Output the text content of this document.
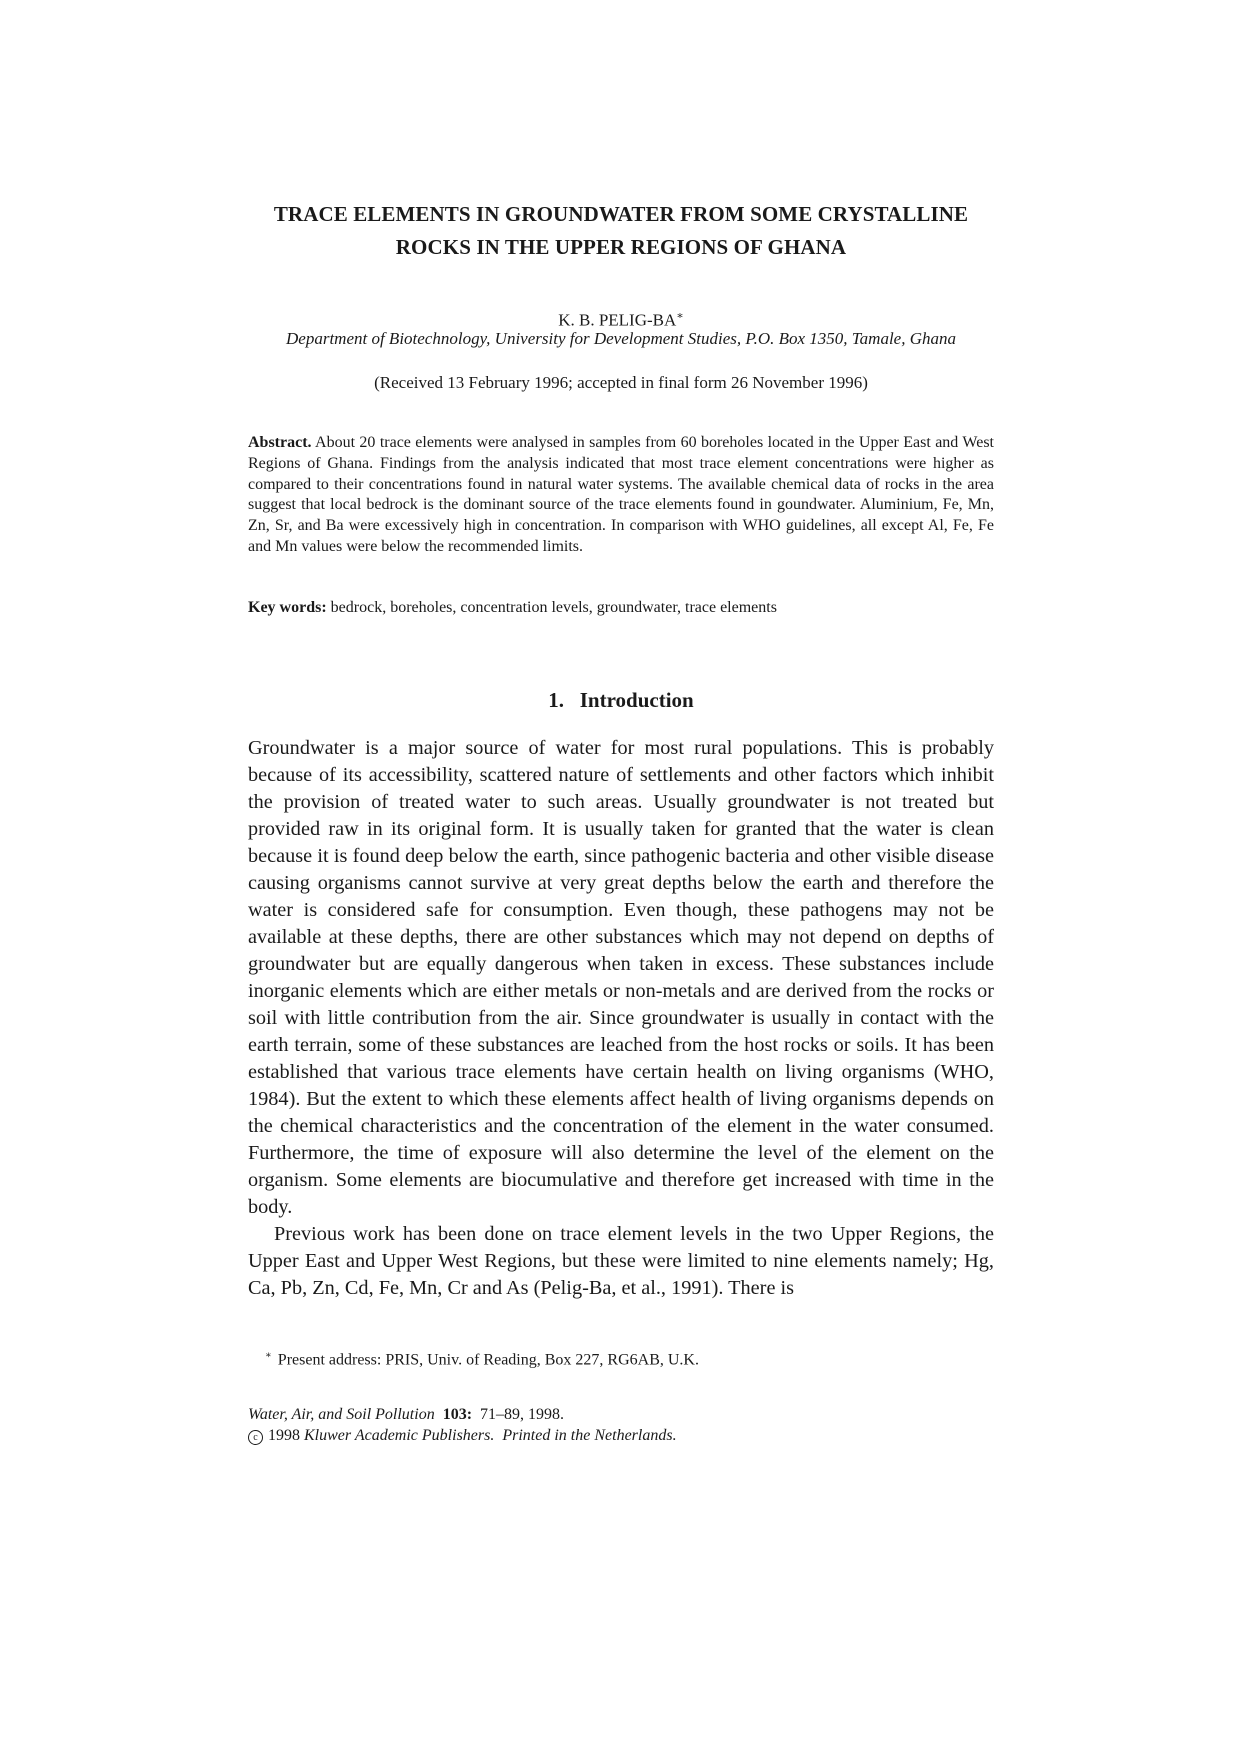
TRACE ELEMENTS IN GROUNDWATER FROM SOME CRYSTALLINE
ROCKS IN THE UPPER REGIONS OF GHANA
K. B. PELIG-BA∗
Department of Biotechnology, University for Development Studies, P.O. Box 1350, Tamale, Ghana
(Received 13 February 1996; accepted in final form 26 November 1996)
Abstract. About 20 trace elements were analysed in samples from 60 boreholes located in the Upper East and West Regions of Ghana. Findings from the analysis indicated that most trace element concentrations were higher as compared to their concentrations found in natural water systems. The available chemical data of rocks in the area suggest that local bedrock is the dominant source of the trace elements found in goundwater. Aluminium, Fe, Mn, Zn, Sr, and Ba were excessively high in concentration. In comparison with WHO guidelines, all except Al, Fe, Fe and Mn values were below the recommended limits.
Key words: bedrock, boreholes, concentration levels, groundwater, trace elements
1. Introduction

Groundwater is a major source of water for most rural populations. This is probably because of its accessibility, scattered nature of settlements and other factors which inhibit the provision of treated water to such areas. Usually groundwater is not treated but provided raw in its original form. It is usually taken for granted that the water is clean because it is found deep below the earth, since pathogenic bacteria and other visible disease causing organisms cannot survive at very great depths below the earth and therefore the water is considered safe for consumption. Even though, these pathogens may not be available at these depths, there are other substances which may not depend on depths of groundwater but are equally dangerous when taken in excess. These substances include inorganic elements which are either metals or non-metals and are derived from the rocks or soil with little contribution from the air. Since groundwater is usually in contact with the earth terrain, some of these substances are leached from the host rocks or soils. It has been established that various trace elements have certain health on living organisms (WHO, 1984). But the extent to which these elements affect health of living organisms depends on the chemical characteristics and the concentration of the element in the water consumed. Furthermore, the time of exposure will also determine the level of the element on the organism. Some elements are biocumulative and therefore get increased with time in the body.

Previous work has been done on trace element levels in the two Upper Regions, the Upper East and Upper West Regions, but these were limited to nine elements namely; Hg, Ca, Pb, Zn, Cd, Fe, Mn, Cr and As (Pelig-Ba, et al., 1991). There is

∗ Present address: PRIS, Univ. of Reading, Box 227, RG6AB, U.K.
Water, Air, and Soil Pollution 103: 71–89, 1998.
c 1998 Kluwer Academic Publishers. Printed in the Netherlands.
